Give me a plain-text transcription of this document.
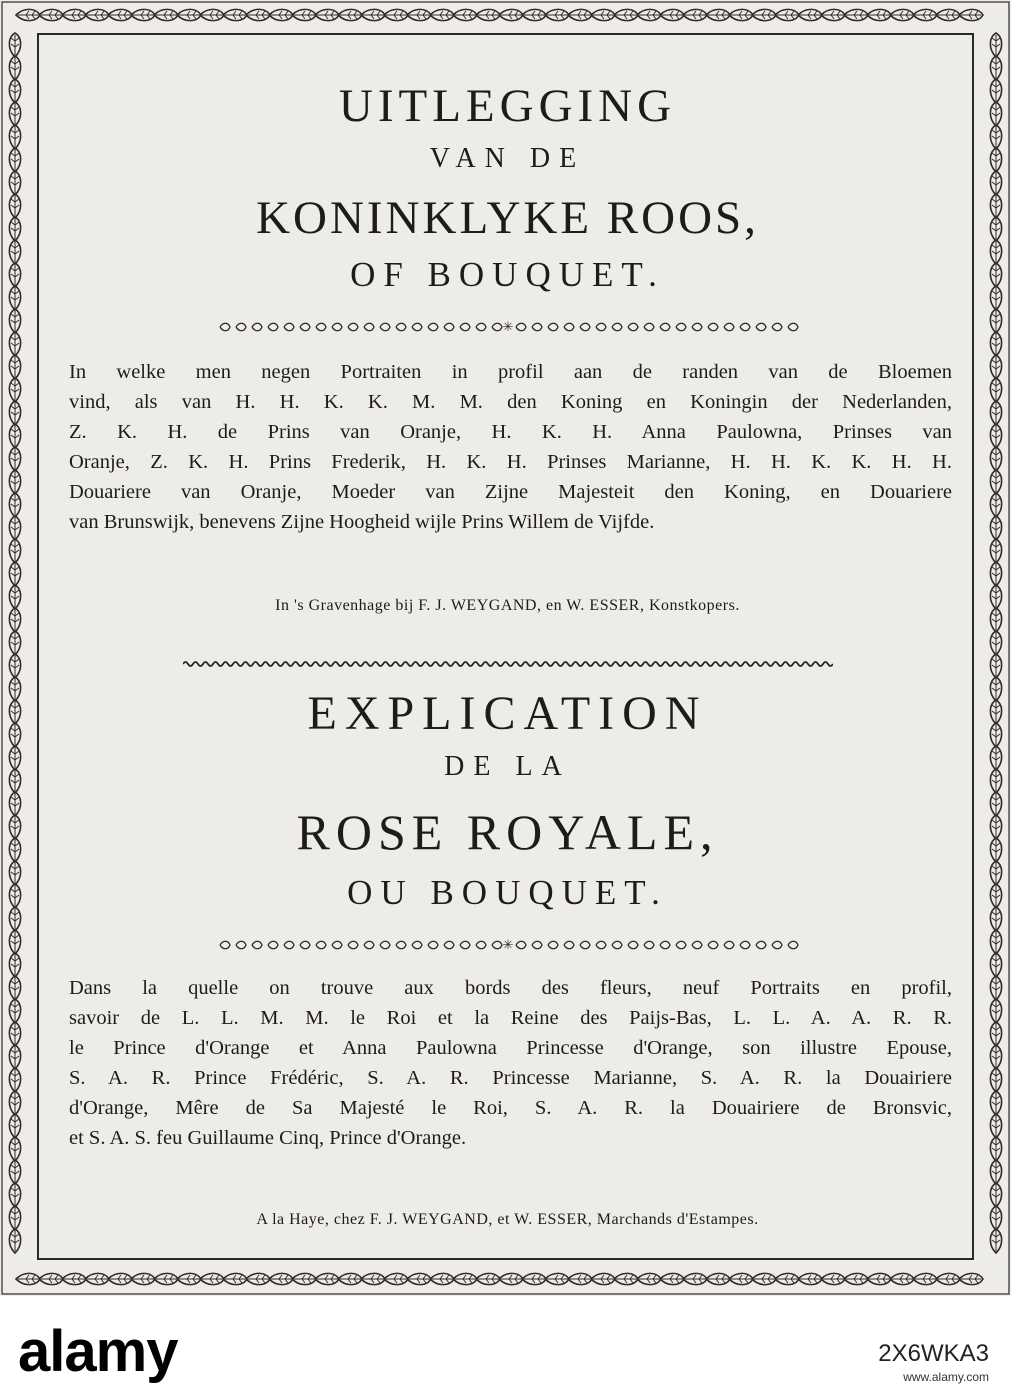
UITLEGGING

VAN DE

KONINKLYKE ROOS,

OF BOUQUET.

✳

In welke men negen Portraiten in profil aan de randen van de Bloemen
vind, als van H. H. K. K. M. M. den Koning en Koningin der Nederlanden,
Z. K. H. de Prins van Oranje, H. K. H. Anna Paulowna, Prinses van
Oranje, Z. K. H. Prins Frederik, H. K. H. Prinses Marianne, H. H. K. K. H. H.
Douariere van Oranje, Moeder van Zijne Majesteit den Koning, en Douariere
van Brunswijk, benevens Zijne Hoogheid wijle Prins Willem de Vijfde.

In 's Gravenhage bij F. J. WEYGAND, en W. ESSER, Konstkopers.

EXPLICATION

DE LA

ROSE ROYALE,

OU BOUQUET.

✳

Dans la quelle on trouve aux bords des fleurs, neuf Portraits en profil,
savoir de L. L. M. M. le Roi et la Reine des Paijs-Bas, L. L. A. A. R. R.
le Prince d'Orange et Anna Paulowna Princesse d'Orange, son illustre Epouse,
S. A. R. Prince Frédéric, S. A. R. Princesse Marianne, S. A. R. la Douairiere
d'Orange, Mêre de Sa Majesté le Roi, S. A. R. la Douairiere de Bronsvic,
et S. A. S. feu Guillaume Cinq, Prince d'Orange.

A la Haye, chez F. J. WEYGAND, et W. ESSER, Marchands d'Estampes.

alamy	2X6WKA3
www.alamy.com
